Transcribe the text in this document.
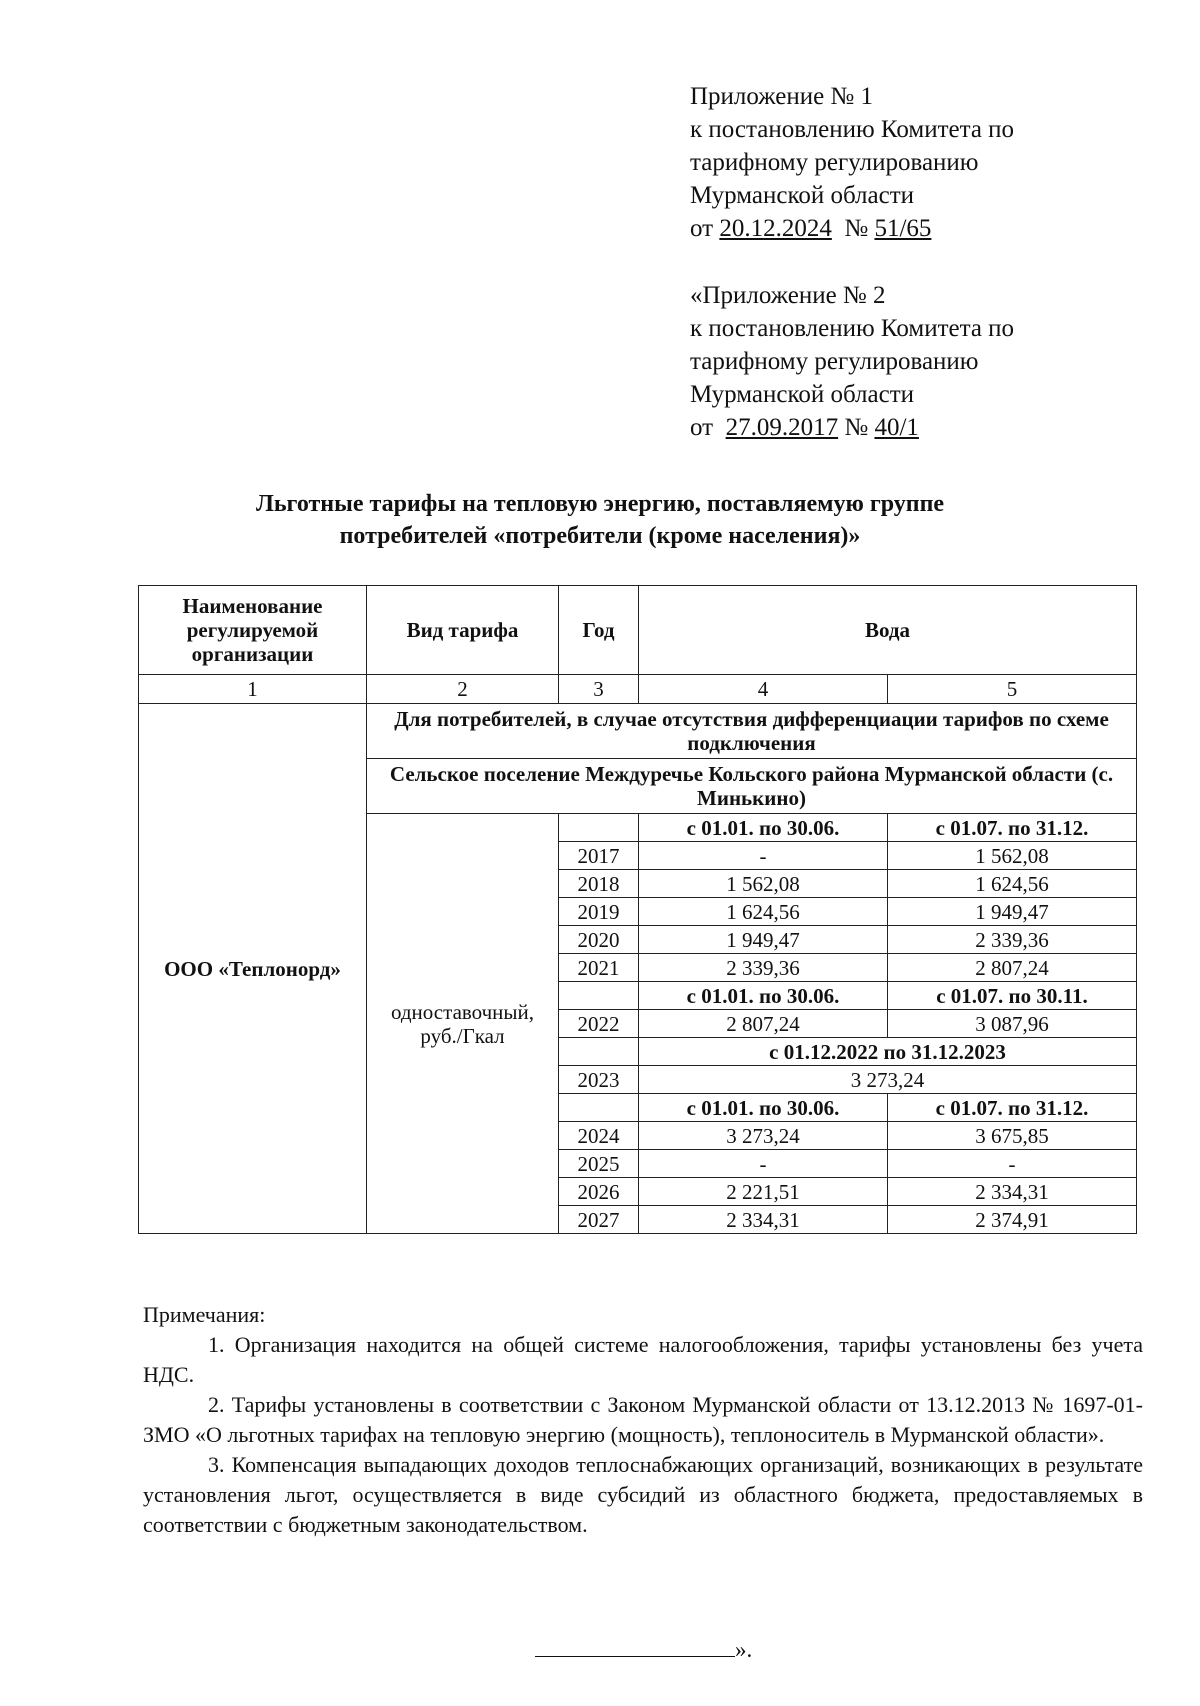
Приложение № 1

к постановлению Комитета по

тарифному регулированию

Мурманской области

от 20.12.2024 № 51/65

«Приложение № 2

к постановлению Комитета по

тарифному регулированию

Мурманской области

от 27.09.2017 № 40/1

Льготные тарифы на тепловую энергию, поставляемую группе
потребителей «потребители (кроме населения)»
Наименование регулируемой организации	Вид тарифа	Год	Вода	
1	2	3	4	5
ООО «Теплонорд»	Для потребителей, в случае отсутствия дифференциации тарифов по схеме подключения			
	Сельское поселение Междуречье Кольского района Мурманской области (с. Минькино)			
	одноставочный, руб./Гкал		с 01.01. по 30.06.	с 01.07. по 31.12.
		2017	-	1 562,08
		2018	1 562,08	1 624,56
		2019	1 624,56	1 949,47
		2020	1 949,47	2 339,36
		2021	2 339,36	2 807,24
			с 01.01. по 30.06.	с 01.07. по 30.11.
		2022	2 807,24	3 087,96
			с 01.12.2022 по 31.12.2023	
		2023	3 273,24	
			с 01.01. по 30.06.	с 01.07. по 31.12.
		2024	3 273,24	3 675,85
		2025	-	-
		2026	2 221,51	2 334,31
		2027	2 334,31	2 374,91

Примечания:

1. Организация находится на общей системе налогообложения, тарифы установлены без учета НДС.

2. Тарифы установлены в соответствии с Законом Мурманской области от 13.12.2013 № 1697-01-ЗМО «О льготных тарифах на тепловую энергию (мощность), теплоноситель в Мурманской области».

3. Компенсация выпадающих доходов теплоснабжающих организаций, возникающих в результате установления льгот, осуществляется в виде субсидий из областного бюджета, предоставляемых в соответствии с бюджетным законодательством.

».
